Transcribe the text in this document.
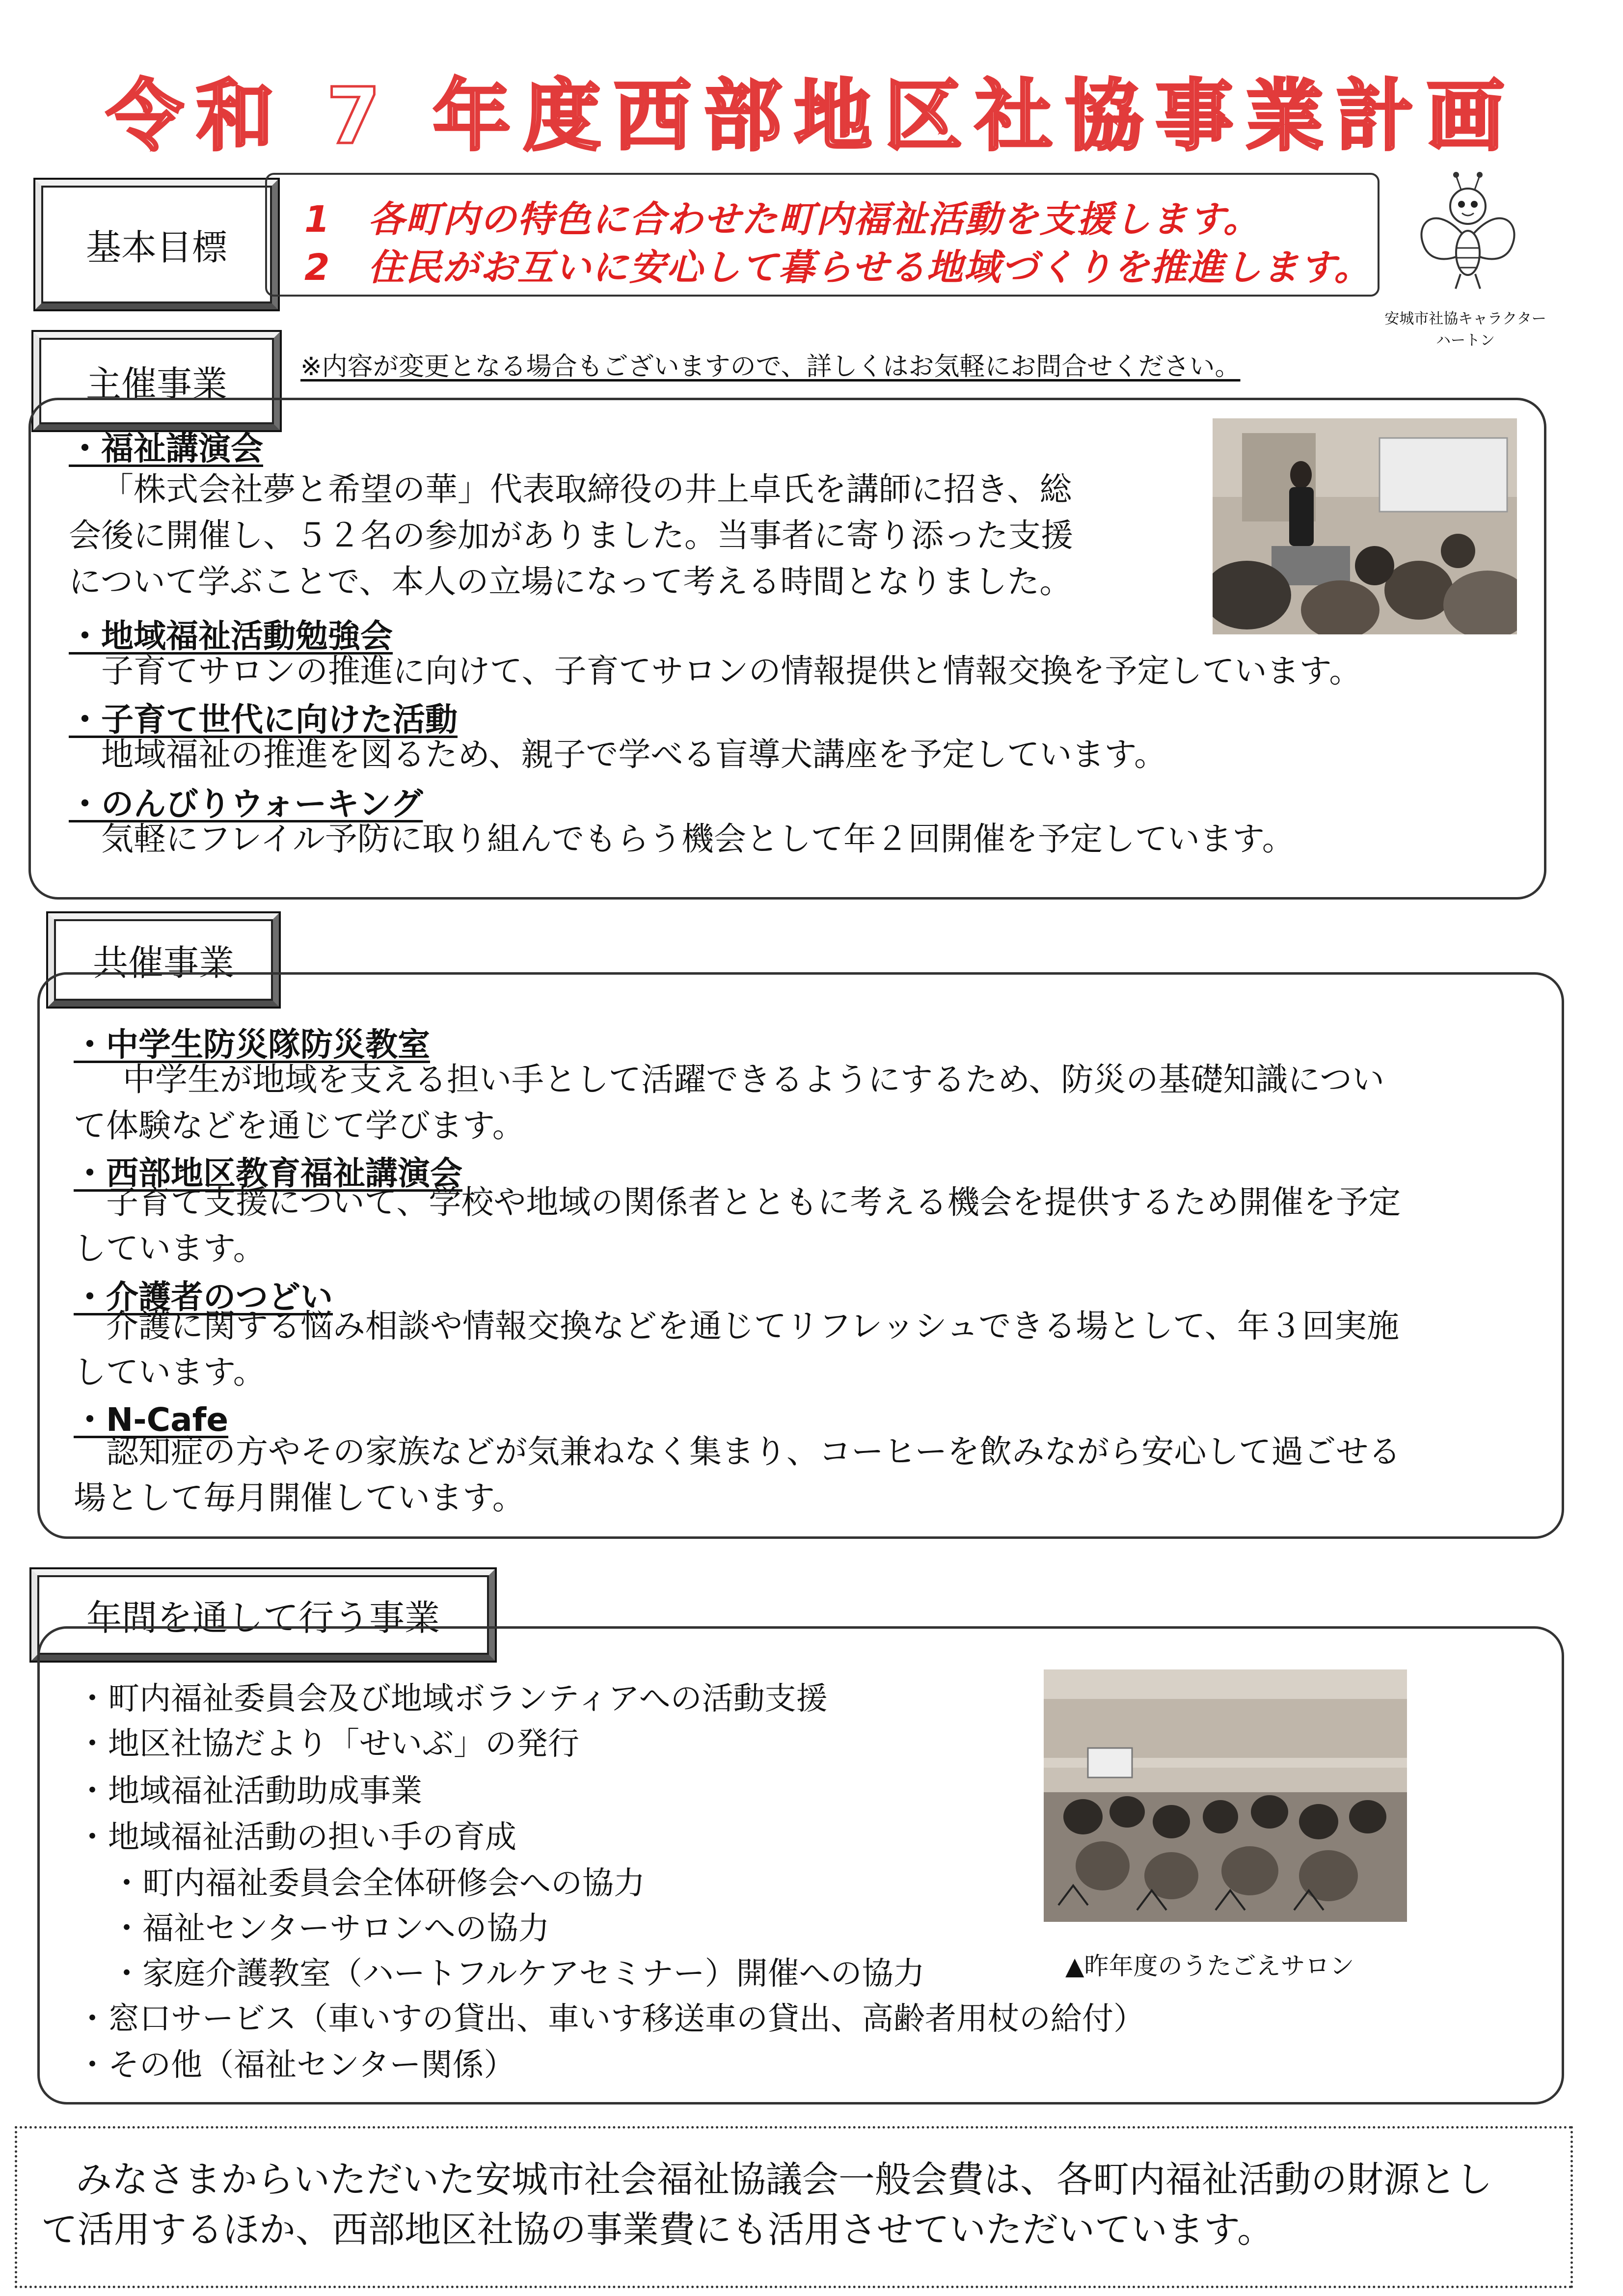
令和 7 年度西部地区社協事業計画
基本目標
1　各町内の特色に合わせた町内福祉活動を支援します。
2　住民がお互いに安心して暮らせる地域づくりを推進します。
安城市社協キャラクター
ハートン
主催事業	※内容が変更となる場合もございますので、詳しくはお気軽にお問合せください。
・福祉講演会
「株式会社夢と希望の華」代表取締役の井上卓氏を講師に招き、総
会後に開催し、５２名の参加がありました。当事者に寄り添った支援
について学ぶことで、本人の立場になって考える時間となりました。
・地域福祉活動勉強会
子育てサロンの推進に向けて、子育てサロンの情報提供と情報交換を予定しています。
・子育て世代に向けた活動
地域福祉の推進を図るため、親子で学べる盲導犬講座を予定しています。
・のんびりウォーキング
気軽にフレイル予防に取り組んでもらう機会として年２回開催を予定しています。
共催事業
・中学生防災隊防災教室
中学生が地域を支える担い手として活躍できるようにするため、防災の基礎知識につい
て体験などを通じて学びます。
・西部地区教育福祉講演会
子育て支援について、学校や地域の関係者とともに考える機会を提供するため開催を予定
しています。
・介護者のつどい
介護に関する悩み相談や情報交換などを通じてリフレッシュできる場として、年３回実施
しています。
・N-Cafe
認知症の方やその家族などが気兼ねなく集まり、コーヒーを飲みながら安心して過ごせる
場として毎月開催しています。
年間を通して行う事業
・町内福祉委員会及び地域ボランティアへの活動支援
・地区社協だより「せいぶ」の発行
・地域福祉活動助成事業
・地域福祉活動の担い手の育成
・町内福祉委員会全体研修会への協力
・福祉センターサロンへの協力
・家庭介護教室（ハートフルケアセミナー）開催への協力
・窓口サービス（車いすの貸出、車いす移送車の貸出、高齢者用杖の給付）
・その他（福祉センター関係）
▲昨年度のうたごえサロン
みなさまからいただいた安城市社会福祉協議会一般会費は、各町内福祉活動の財源とし
て活用するほか、西部地区社協の事業費にも活用させていただいています。
